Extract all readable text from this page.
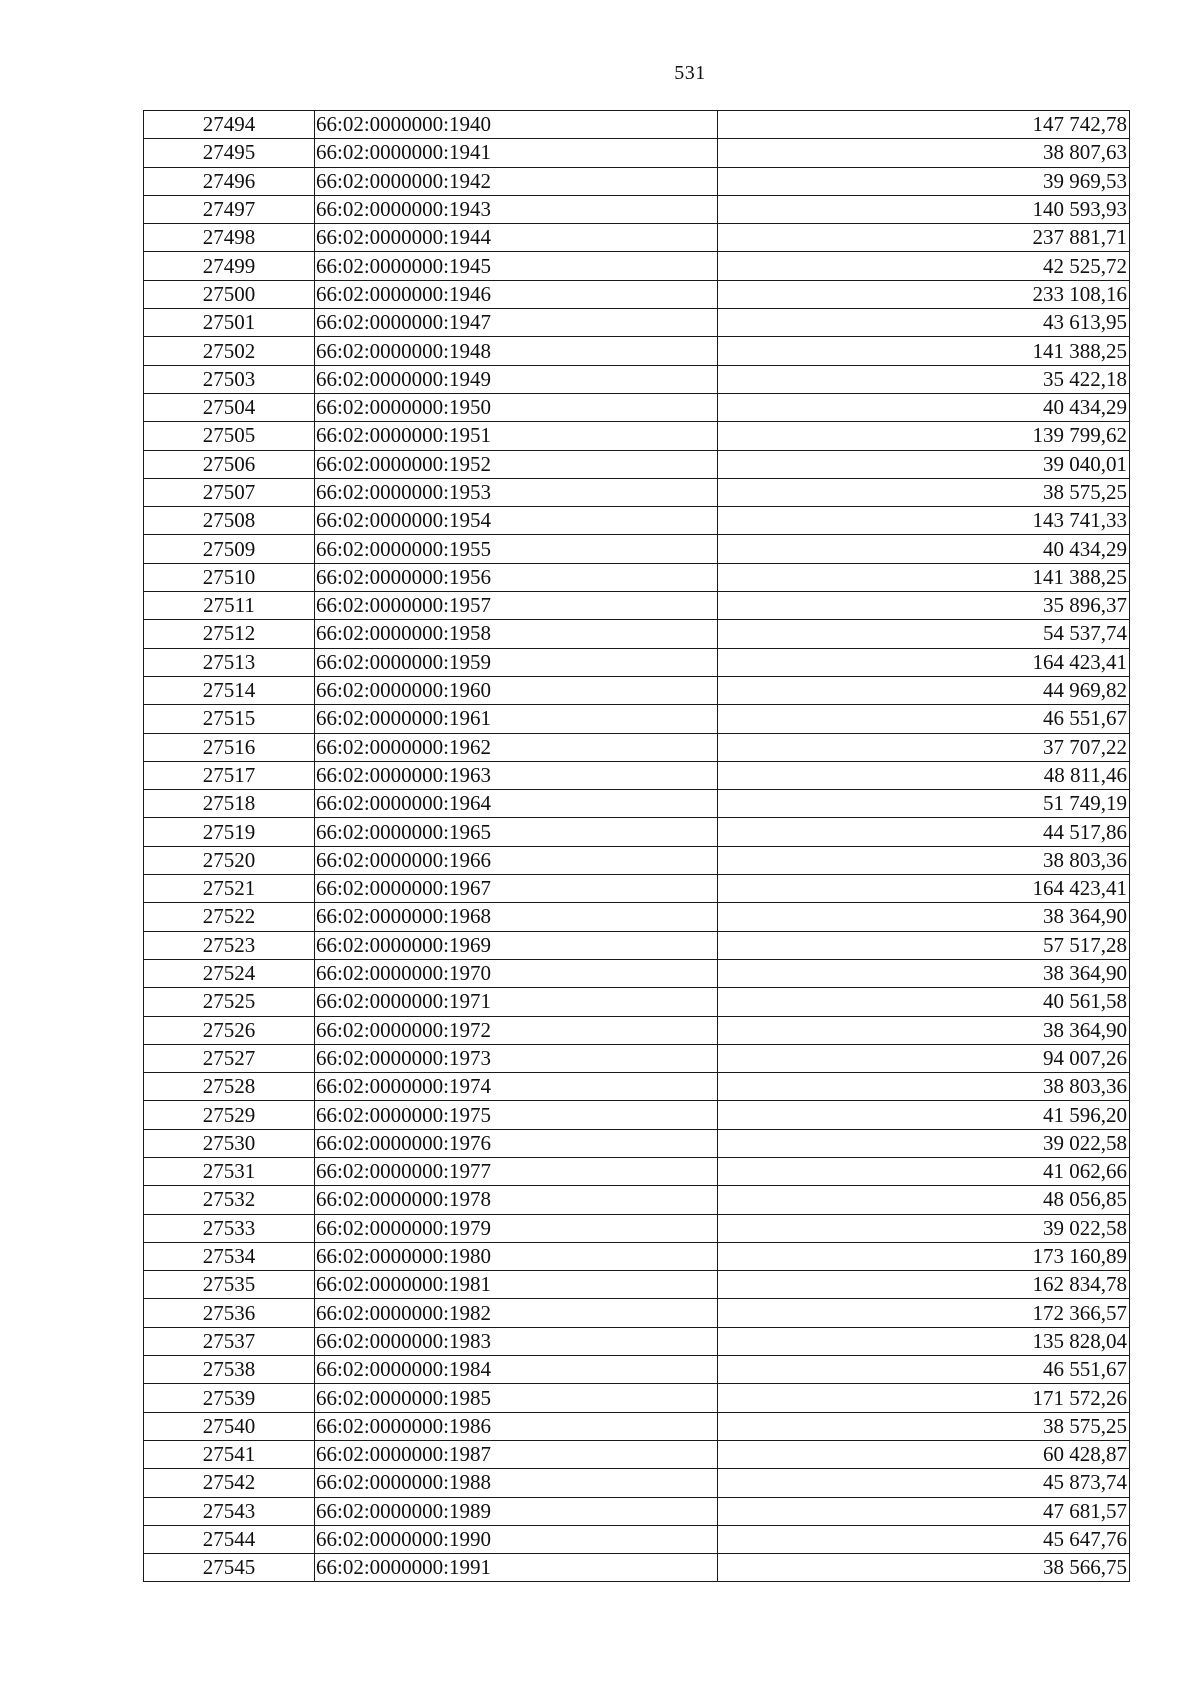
531
27494	66:02:0000000:1940	147 742,78
27495	66:02:0000000:1941	38 807,63
27496	66:02:0000000:1942	39 969,53
27497	66:02:0000000:1943	140 593,93
27498	66:02:0000000:1944	237 881,71
27499	66:02:0000000:1945	42 525,72
27500	66:02:0000000:1946	233 108,16
27501	66:02:0000000:1947	43 613,95
27502	66:02:0000000:1948	141 388,25
27503	66:02:0000000:1949	35 422,18
27504	66:02:0000000:1950	40 434,29
27505	66:02:0000000:1951	139 799,62
27506	66:02:0000000:1952	39 040,01
27507	66:02:0000000:1953	38 575,25
27508	66:02:0000000:1954	143 741,33
27509	66:02:0000000:1955	40 434,29
27510	66:02:0000000:1956	141 388,25
27511	66:02:0000000:1957	35 896,37
27512	66:02:0000000:1958	54 537,74
27513	66:02:0000000:1959	164 423,41
27514	66:02:0000000:1960	44 969,82
27515	66:02:0000000:1961	46 551,67
27516	66:02:0000000:1962	37 707,22
27517	66:02:0000000:1963	48 811,46
27518	66:02:0000000:1964	51 749,19
27519	66:02:0000000:1965	44 517,86
27520	66:02:0000000:1966	38 803,36
27521	66:02:0000000:1967	164 423,41
27522	66:02:0000000:1968	38 364,90
27523	66:02:0000000:1969	57 517,28
27524	66:02:0000000:1970	38 364,90
27525	66:02:0000000:1971	40 561,58
27526	66:02:0000000:1972	38 364,90
27527	66:02:0000000:1973	94 007,26
27528	66:02:0000000:1974	38 803,36
27529	66:02:0000000:1975	41 596,20
27530	66:02:0000000:1976	39 022,58
27531	66:02:0000000:1977	41 062,66
27532	66:02:0000000:1978	48 056,85
27533	66:02:0000000:1979	39 022,58
27534	66:02:0000000:1980	173 160,89
27535	66:02:0000000:1981	162 834,78
27536	66:02:0000000:1982	172 366,57
27537	66:02:0000000:1983	135 828,04
27538	66:02:0000000:1984	46 551,67
27539	66:02:0000000:1985	171 572,26
27540	66:02:0000000:1986	38 575,25
27541	66:02:0000000:1987	60 428,87
27542	66:02:0000000:1988	45 873,74
27543	66:02:0000000:1989	47 681,57
27544	66:02:0000000:1990	45 647,76
27545	66:02:0000000:1991	38 566,75
